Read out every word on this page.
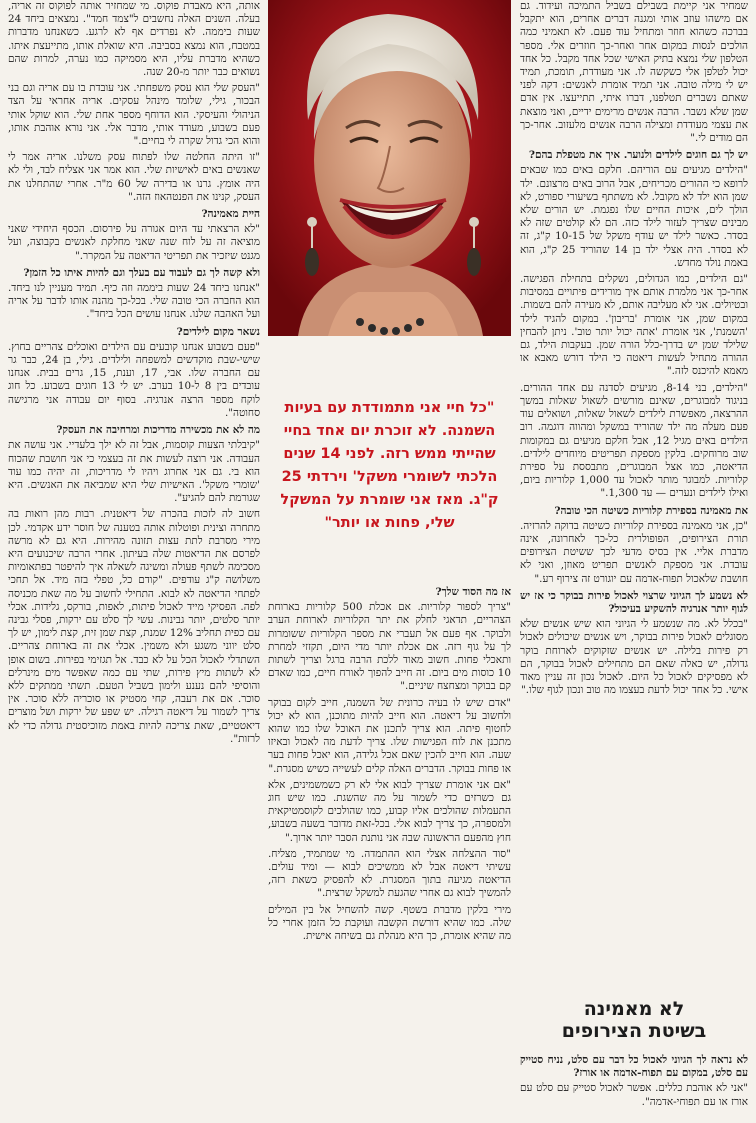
שמחיר אני קיימת בשבילם בשביל התמיכה ועידוד. גם אם מישהו עוזב אותי ומגנה דברים אחרים, הוא יתקבל בברכה כשהוא חוזר ומתחיל עוד פעם. לא תאמיני כמה הולכים לנסות במקום אחר ואחר-כך חוזרים אלי. מספר הטלפון שלי נמצא בתיק האישי שכל אחד מקבל. כל אחד יכול לטלפן אלי כשקשה לו. אני מעודדת, תומכת, תמיד יש לי מילה טובה. אני תמיד אומרת לאנשים: דקה לפני שאתם נשברים תטלפנו, דברו איתי, תתייעצו. אין אדם שמן שלא נשבר. הרבה אנשים מרימים ידיים, ואני מוצאת את עצמי מעודדת ומצילה הרבה אנשים מלעזוב. אחר-כך הם מודים לי."

יש לך גם חוגים לילדים ולנוער. איך את מטפלת בהם?

"הילדים מגיעים עם הוריהם. חלקם באים כמו שבאים לרופא כי ההורים מכריחים, אבל הרוב באים מרצונם. ילד שמן הוא ילד לא מקובל. לא משתתף בשיעורי ספורט, לא הולך לים, איכות החיים שלו נפגמת. יש הורים שלא מבינים שצריך לעזור לילד כזה. הם לא קולטים שזה לא בסדר. כאשר לילד יש עודף משקל של 10-15 ק"ג, זה לא בסדר. היה אצלי ילד בן 14 שהוריד 25 ק"ג, הוא באמת נולד מחדש.

"גם הילדים, כמו הגדולים, נשקלים בתחילת הפגישה. אחר-כך אני מלמדת אותם איך מורידים פיתויים במסיבות ובטיולים. אני לא מעליבה אותם, לא מעירה להם בשמות. במקום שמן, אני אומרת 'בריבון'. במקום להגיד לילד 'השמנת', אני אומרת 'אתה יכול יותר טוב'. ניתן להבחין שלילד שמן יש בדרך-כלל הורה שמן. בעקבות הילד, גם ההורה מתחיל לעשות דיאטה כי הילד דורש מאבא או מאמא להיכנס לזה."

"הילדים, בני 8-14, מגיעים לסדנה עם אחד ההורים. בניגוד למבוגרים, שאינם מורשים לשאול שאלות במשך ההרצאה, מאפשרת לילדים לשאול שאלות, ושואלים עוד פעם מעלה מה ילד שהוריד במשקל ומהווה דוגמה. רוב הילדים באים מגיל 12, אבל חלקם מגיעים גם במקומות שוב מרוחקים. בלקין מספקת תפריטים מיוחדים לילדים. הדיאטה, כמו אצל המבוגרים, מתבססת על ספירת קלוריות. למבוגר מותר לאכול עד 1,000 קלוריות ביום, ואילו לילדים ונערים — עד 1,300."

את מאמינה בספירת קלוריות כשיטה הכי טובה?

"כן, אני מאמינה בספירת קלוריות כשיטה בדוקה להרזיה. תורת הצירופים, הפופולרית כל-כך לאחרונה, אינה מדברת אליי. אין בסיס מדעי לכך ששיטת הצירופים עובדת. אני מספקת לאנשים תפריט מאוזן, ואני לא חושבת שלאכול תפוח-אדמה עם יוגורט זה צירוף רע."

לא נשמע לך הגיוני שרצוי לאכול פירות בבוקר כי אז יש לגוף יותר אנרגיה להשקיע בעיכול?

"בכלל לא. מה שנשמע לי הגיוני הוא שיש אנשים שלא מסוגלים לאכול פירות בבוקר, ויש אנשים שיכולים לאכול רק פירות בלילה. יש אנשים שזקוקים לארוחת בוקר גדולה, יש כאלה שאם הם מתחילים לאכול בבוקר, הם לא מפסיקים לאכול כל היום. לאכול נכון זה עניין מאוד אישי. כל אחד יכול לדעת בעצמו מה טוב ונכון לגוף שלו."

"כל חיי אני מתמודדת עם בעיות השמנה. לא זוכרת יום אחד בחיי שהייתי ממש רזה. לפני 14 שנים הלכתי לשומרי משקל' וירדתי 25 ק"ג. מאז אני שומרת על המשקל שלי, פחות או יותר"

אז מה הסוד שלך?

"צריך לספור קלוריות. אם אכלת 500 קלוריות בארוחת הצהריים, תדאגי לחלק את יתר הקלוריות לארוחת הערב ולבוקר. אף פעם אל תעברי את מספר הקלוריות ששומרות לך על גוף רזה. אם אכלת יותר מדי היום, תקזזי למחרת ותאכלי פחות. חשוב מאוד ללכת הרבה ברגל וצריך לשתות 10 כוסות מים ביום. זה חייב להפוך לאורח חיים, כמו שאדם קם בבוקר ומצחצח שיניים."

"אדם שיש לו בעיה כרונית של השמנה, חייב לקום בבוקר ולחשוב על דיאטה. הוא חייב להיות מתוכנן, הוא לא יכול לחטוף פיתה. הוא צריך לתכנן את האוכל שלו כמו שהוא מתכנן את לוח הפגישות שלו. צריך לדעת מה לאכול ובאיזו שעה. הוא חייב להכין שאם אכל גלידה, הוא יאכל פחות בער או פחות בבוקר. הדברים האלה קלים לעשייה כשיש מסגרת."

"אם אני אומרת שצריך לבוא אלי לא רק כשמשמינים, אלא גם כשרזים כדי לשמור על מה שהשגת. כמו שיש חוג התעמלות שהולכים אליו קבוע, כמו שהולכים לקוסמטיקאית ולמספרה, כך צריך לבוא אלי. בכל-זאת מדובר בשעה בשבוע, חוץ מהפעם הראשונה שבה אני נותנת הסבר יותר ארוך."

"סוד ההצלחה אצלי הוא ההתמדה. מי שמתמיד, מצליח. עשיתי דיאטה אבל לא ממשיכים לבוא — ומיד עולים. הדיאטה מגיעה בתוך המסגרת. לא להפסיק כשאת רזה, להמשיך לבוא גם אחרי שהגעת למשקל שרצית."

מירי בלקין מדברת בשטף. קשה להשחיל אל בין המילים שלה. כמו שהיא דורשת הקשבה ועוקבת כל הזמן אחרי כל מה שהיא אומרת, כך היא מנהלת גם בשיחה אישית.

אותה, היא מאבדת פוקוס. מי שמחזיר אותה לפוקוס זה אריה, בעלה. השנים האלה נחשבים ל"צמד חמד". נמצאים ביחד 24 שעות ביממה. לא נפרדים אף לא לרגע. כשאנחנו מדברות במטבח, הוא נמצא בסביבה. היא שואלת אותו, מתייעצת איתו. כשהיא מדברת עליו, היא מסמיקה כמו נערה, למרות שהם נשואים כבר יותר מ-20 שנה.

"העסק שלי הוא עסק משפחתי. אני עובדת בו עם אריה וגם בני הבכור, גילי, שלומד מינהל עסקים. אריה אחראי על הצד הניהולי והעיסקי. הוא הדוחף מספר אחת שלי. הוא שוקל אותי פעם בשבוע, מעודד אותי, מדבר אלי. אני נורא אוהבת אותו, והוא הכי גדול שקרה לי בחיים."

"זו היתה החלטה שלו לפתוח עסק משלנו. אריה אמר לי שאנשים באים לאישיות שלי. הוא אמר אני אצליח לבד, ולי לא היה אומץ. גרנו או בדירה של 60 מ"ר. אחרי שהתחלנו את העסק, קנינו את הפנטהאוז הזה."

היית מאמינה?

"לא הרצאתי עד היום אגורה על פירסום. הכסף היחידי שאני מוציאה זה על לוח שנה שאני מחלקת לאנשים בקבוצה, ועל מגנט שיזכיר את תפריטי הדיאטה על המקרר."

ולא קשה לך גם לעבוד עם בעלך וגם להיות איתו כל הזמן?

"אנחנו ביחד 24 שעות ביממה וזה כיף. תמיד מעניין לנו ביחד. הוא החברה הכי טובה שלי. בכל-כך מהנה אותו לדבר על אריה ועל האהבה שלנו. אנחנו עושים הכל ביחד".

נשאר מקום לילדים?

"פעם בשבוע אנחנו קובעים עם הילדים ואוכלים צהריים בחוץ. שישי-שבת מוקדשים למשפחה ולילדים. גילי, בן 24, כבר גר עם החברה שלו. אבי, 17, וענת, 15, גרים בבית. אנחנו עובדים בין 8 ל-10 בערב. יש לי 13 חוגים בשבוע. כל חוג לוקח מספר הרצה אנרגיה. בסוף יום עבודה אני מרגישה סחוטה".

מה לא את מכשירה מדריכות ומרחיבה את העסק?

"קיבלתי הצעות קוסמות, אבל זה לא ילך בלעדיי. אני עושה את העבודה. אני רוצה לעשות את זה בעצמי כי אני חושבת שהכוח הוא בי. גם אני אחרוג ויהיו לי מדריכות, זה יהיה כמו עוד 'שומרי משקל'. האישיות שלי היא שמביאה את האנשים. היא שגורמת להם להגיע".

חשוב לה לזכות בהכרה של דיאטנית. רבות מהן רואות בה מתחרה וצינית ופוטלות אותה בטענה של חוסר ידע אקדמי. לכן מירי מסרבת לתת עצות תזונה מהירות. היא גם לא מרשה לפרסם את הדיאטות שלה בעיתון. אחרי הרבה שיכנועים היא מסכימה לשתף פעולה ומשיגה לשאלה איך להיפטר בפתאומיות משלושה ק"ג עודפים. "קודם כל, טפלי בזה מיד. אל תחכי לפתחי הדיאטה לא לבוא. התחילי לחשוב על מה שאת מכניסה לפה. הפסיקי מייד לאכול פיתות, לאפות, בורקס, גלידות. אכלי יותר סלטים, יותר גבינות. עשי לך סלט עם ירקות, פסלי גבינה עם כפית תחליב 12% שמנת, קצת שמן זית, קצת לימון, יש לך סלט יווני משגע ולא משמין. אכלי את זה בארוחת צהריים. השתדלי לאכול הכל על לא כבד. אל תגזימי בפירות. בשום אופן לא לשתות מיץ פירות, שתי עם כמה שאפשר מים מינרלים והוסיפי להם נענע ולימון בשביל הטעם. תשתי ממתקים ללא סוכר. אם את רעבה, קחי מסטיק או סוכריה ללא סוכר. אין צריך לשמור על דיאטה רגילה. יש שפע של ירקות ושל מוצרים דיאטטיים, שאת צריכה להיות באמת מזוכיסטית גדולה כדי לא לרזות".

לא מאמינה
בשיטת הצירופים

לא נראה לך הגיוני לאכול כל דבר עם סלט, נניח סטייק עם סלט, במקום עם תפוח-אדמה או אורז?

"אני לא אוהבת כללים. אפשר לאכול סטייק עם סלט עם אורז או עם תפוחי-אדמה".
